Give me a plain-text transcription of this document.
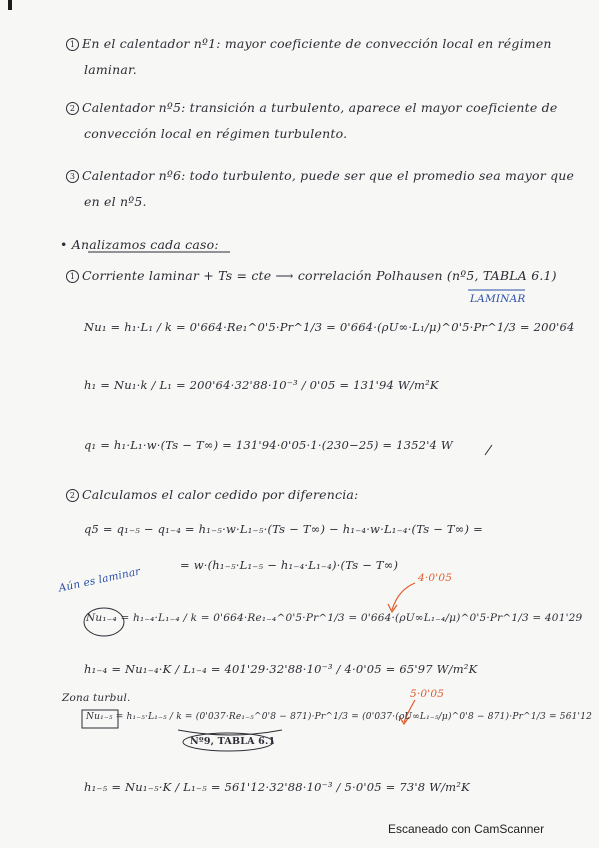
1 En el calentador nº1: mayor coeficiente de convección local en régimen
laminar.
2 Calentador nº5: transición a turbulento, aparece el mayor coeficiente de
convección local en régimen turbulento.
3 Calentador nº6: todo turbulento, puede ser que el promedio sea mayor que
en el nº5.
• Analizamos cada caso:
1 Corriente laminar + Ts = cte ⟶ correlación Polhausen (nº5, TABLA 6.1)
LAMINAR
Nu₁ = h₁·L₁ / k = 0'664·Re₁^0'5·Pr^1/3 = 0'664·(ρU∞·L₁/μ)^0'5·Pr^1/3 = 200'64
h₁ = Nu₁·k / L₁ = 200'64·32'88·10⁻³ / 0'05 = 131'94 W/m²K
q₁ = h₁·L₁·w·(Ts − T∞) = 131'94·0'05·1·(230−25) = 1352'4 W
2 Calculamos el calor cedido por diferencia:
q5 = q₁₋₅ − q₁₋₄ = h₁₋₅·w·L₁₋₅·(Ts − T∞) − h₁₋₄·w·L₁₋₄·(Ts − T∞) =
= w·(h₁₋₅·L₁₋₅ − h₁₋₄·L₁₋₄)·(Ts − T∞)
Aún es laminar	4·0'05
Nu₁₋₄ = h₁₋₄·L₁₋₄ / k = 0'664·Re₁₋₄^0'5·Pr^1/3 = 0'664·(ρU∞L₁₋₄/μ)^0'5·Pr^1/3 = 401'29
h₁₋₄ = Nu₁₋₄·K / L₁₋₄ = 401'29·32'88·10⁻³ / 4·0'05 = 65'97 W/m²K
Zona turbul.	5·0'05
Nu₁₋₅ = h₁₋₅·L₁₋₅ / k = (0'037·Re₁₋₅^0'8 − 871)·Pr^1/3 = (0'037·(ρU∞L₁₋₅/μ)^0'8 − 871)·Pr^1/3 = 561'12
Nº9, TABLA 6.1
h₁₋₅ = Nu₁₋₅·K / L₁₋₅ = 561'12·32'88·10⁻³ / 5·0'05 = 73'8 W/m²K
Escaneado con CamScanner
